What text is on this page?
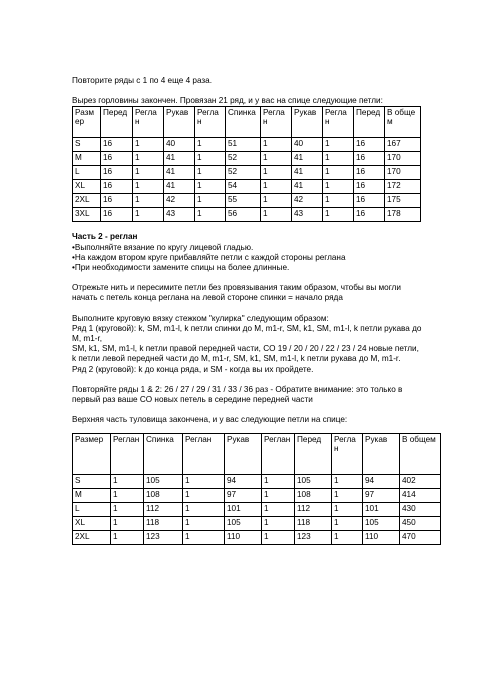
Повторите ряды с 1 по 4 еще 4 раза.

Вырез горловины закончен. Провязан 21 ряд, и у вас на спице следующие петли:

Размер	Перед	Реглан	Рукав	Реглан	Спинка	Реглан	Рукав	Реглан	Перед	В общем
S	16	1	40	1	51	1	40	1	16	167
M	16	1	41	1	52	1	41	1	16	170
L	16	1	41	1	52	1	41	1	16	170
XL	16	1	41	1	54	1	41	1	16	172
2XL	16	1	42	1	55	1	42	1	16	175
3XL	16	1	43	1	56	1	43	1	16	178

Часть 2 - реглан

•Выполняйте вязание по кругу лицевой гладью.

•На каждом втором круге прибавляйте петли с каждой стороны реглана

•При необходимости замените спицы на более длинные.

Отрежьте нить и пересимите петли без провязывания таким образом, чтобы вы могли начать с петель конца реглана на левой стороне спинки = начало ряда

Выполните круговую вязку стежком "кулирка" следующим образом:

Ряд 1 (круговой): k, SM, m1-l, k петли спинки до M, m1-r, SM, k1, SM, m1-l, k петли рукава до M, m1-r,

SM, k1, SM, m1-l, k петли правой передней части, CO 19 / 20 / 20 / 22 / 23 / 24 новые петли, k петли левой передней части до M, m1-r, SM, k1, SM, m1-l, k петли рукава до M, m1-r.

Ряд 2 (круговой): k до конца ряда, и SM - когда вы их пройдете.

Повторяйте ряды 1 & 2: 26 / 27 / 29 / 31 / 33 / 36 раз - Обратите внимание: это только в первый раз ваше CO новых петель в середине передней части

Верхняя часть туловища закончена, и у вас следующие петли на спице:

Размер	Реглан	Спинка	Реглан	Рукав	Реглан	Перед	Реглан	Рукав	В общем
S	1	105	1	94	1	105	1	94	402
M	1	108	1	97	1	108	1	97	414
L	1	112	1	101	1	112	1	101	430
XL	1	118	1	105	1	118	1	105	450
2XL	1	123	1	110	1	123	1	110	470
